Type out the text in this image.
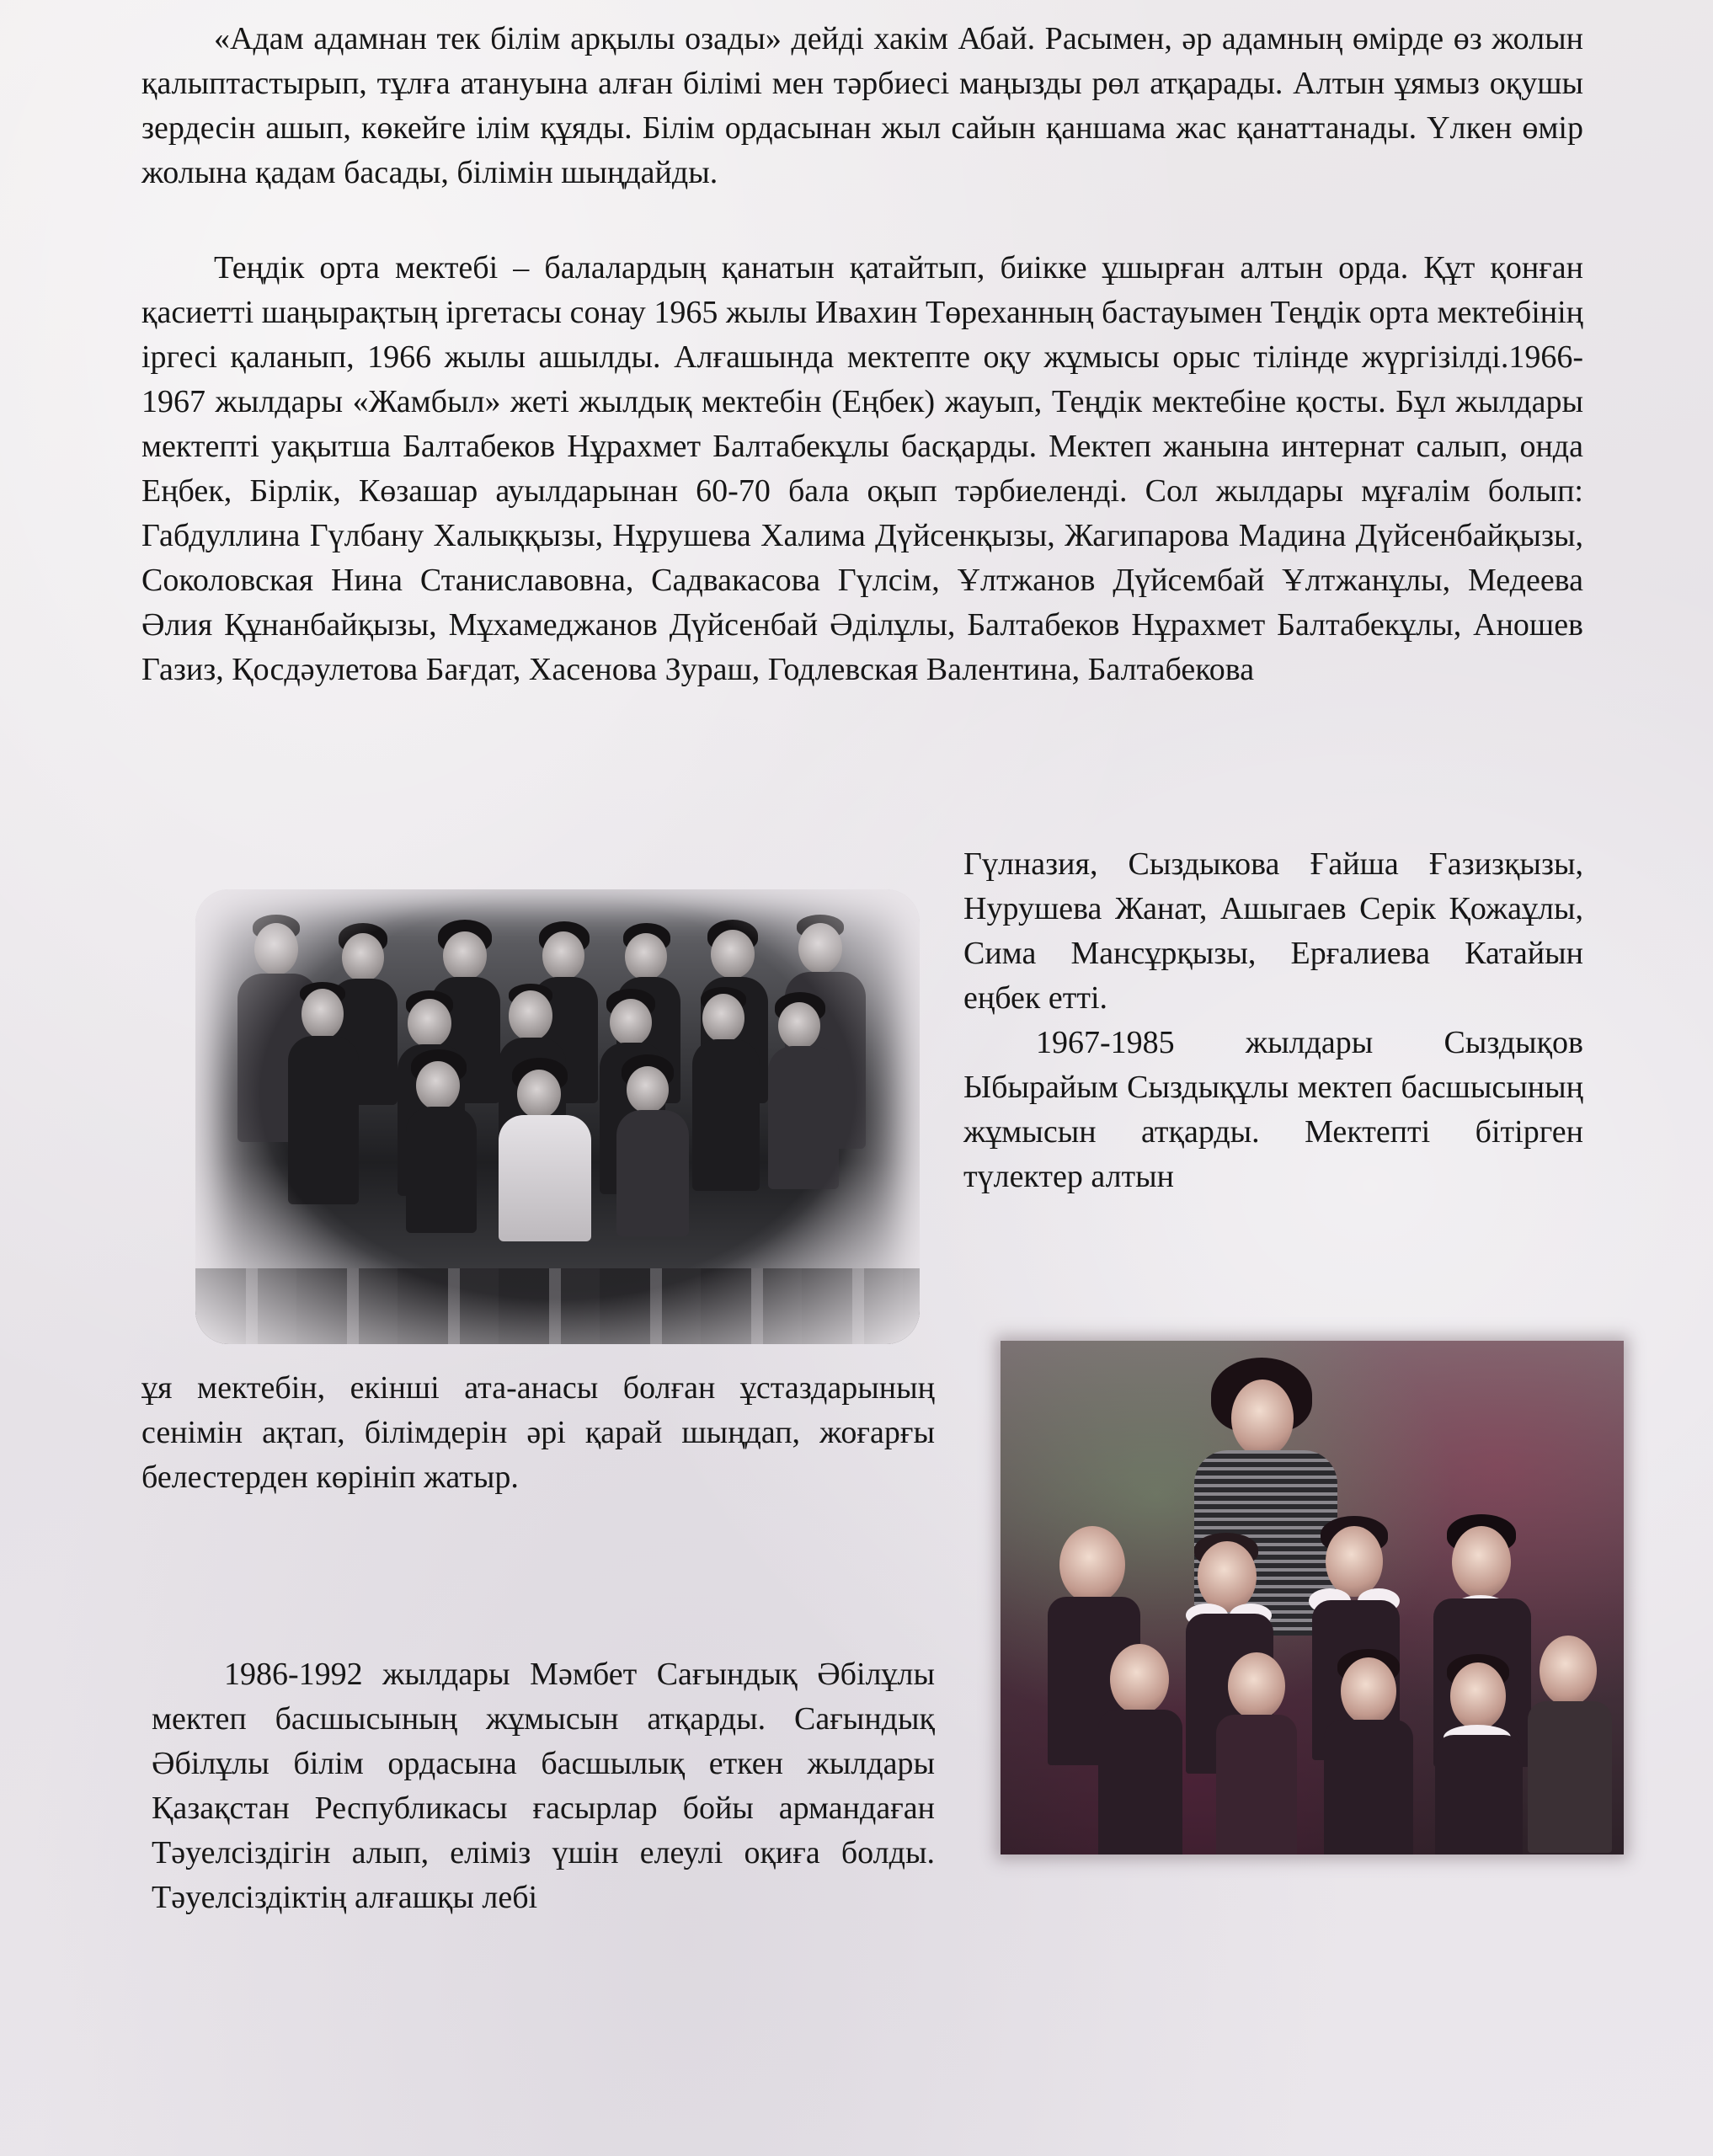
«Адам адамнан тек білім арқылы озады» дейді хакім Абай. Расымен, әр адамның өмірде өз жолын қалыптастырып, тұлға атануына алған білімі мен тәрбиесі маңызды рөл атқарады. Алтын ұямыз оқушы зердесін ашып, көкейге ілім құяды. Білім ордасынан жыл сайын қаншама жас қанаттанады. Үлкен өмір жолына қадам басады, білімін шыңдайды.

Теңдік орта мектебі – балалардың қанатын қатайтып, биікке ұшырған алтын орда. Құт қонған қасиетті шаңырақтың іргетасы сонау 1965 жылы Ивахин Төреханның бастауымен Теңдік орта мектебінің іргесі қаланып, 1966 жылы ашылды. Алғашында мектепте оқу жұмысы орыс тілінде жүргізілді.1966-1967 жылдары «Жамбыл» жеті жылдық мектебін (Еңбек) жауып, Теңдік мектебіне қосты. Бұл жылдары мектепті уақытша Балтабеков Нұрахмет Балтабекұлы басқарды. Мектеп жанына интернат салып, онда Еңбек, Бірлік, Көзашар ауылдарынан 60-70 бала оқып тәрбиеленді. Сол жылдары мұғалім болып: Габдуллина Гүлбану Халыққызы, Нұрушева Халима Дүйсенқызы, Жагипарова Мадина Дүйсенбайқызы, Соколовская Нина Станиславовна, Садвакасова Гүлсім, Ұлтжанов Дүйсембай Ұлтжанұлы, Медеева Әлия Құнанбайқызы, Мұхамеджанов Дүйсенбай Әділұлы, Балтабеков Нұрахмет Балтабекұлы, Аношев Газиз, Қосдәулетова Бағдат, Хасенова Зураш, Годлевская Валентина, Балтабекова

Гүлназия, Сыздыкова Ғайша Ғазизқызы, Нурушева Жанат, Ашыгаев Серік Қожаұлы, Сима Мансұрқызы, Ерғалиева Катайын еңбек етті.

1967-1985 жылдары Сыздықов Ыбырайым Сыздықұлы мектеп басшысының жұмысын атқарды. Мектепті бітірген түлектер алтын

ұя мектебін, екінші ата-анасы болған ұстаздарының сенімін ақтап, білімдерін әрі қарай шыңдап, жоғарғы белестерден көрініп жатыр.

1986-1992 жылдары Мәмбет Сағындық Әбілұлы мектеп басшысының жұмысын атқарды. Сағындық Әбілұлы білім ордасына басшылық еткен жылдары Қазақстан Республикасы ғасырлар бойы армандаған Тәуелсіздігін алып, еліміз үшін елеулі оқиға болды. Тәуелсіздіктің алғашқы лебі
